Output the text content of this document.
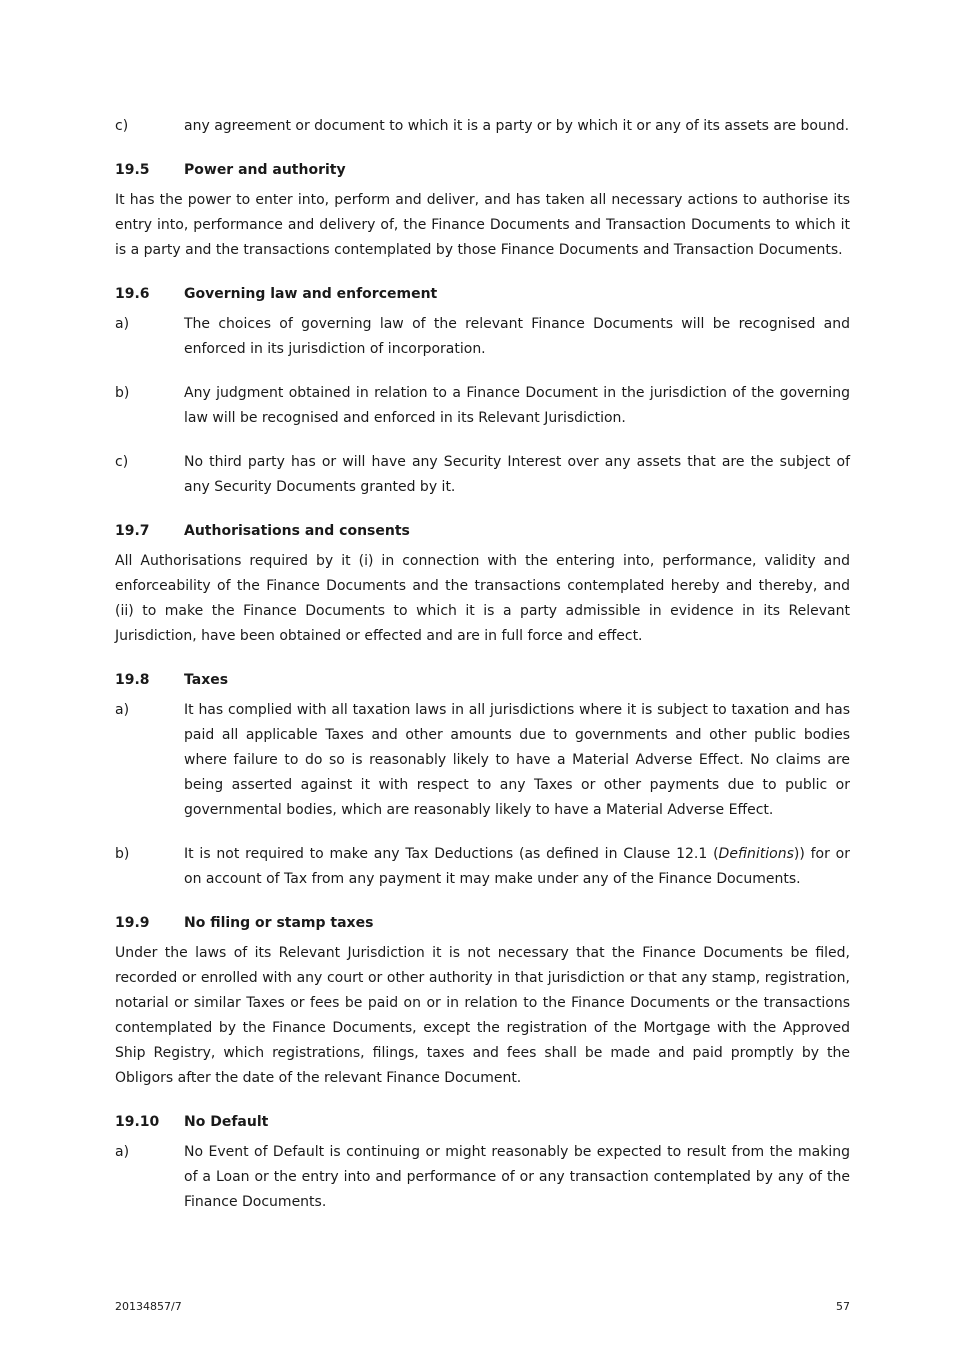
c)	any agreement or document to which it is a party or by which it or any of its assets are bound.
19.5	Power and authority

It has the power to enter into, perform and deliver, and has taken all necessary actions to authorise its entry into, performance and delivery of, the Finance Documents and Transaction Documents to which it is a party and the transactions contemplated by those Finance Documents and Transaction Documents.

19.6	Governing law and enforcement
a)	The choices of governing law of the relevant Finance Documents will be recognised and enforced in its jurisdiction of incorporation.
b)	Any judgment obtained in relation to a Finance Document in the jurisdiction of the governing law will be recognised and enforced in its Relevant Jurisdiction.
c)	No third party has or will have any Security Interest over any assets that are the subject of any Security Documents granted by it.
19.7	Authorisations and consents

All Authorisations required by it (i) in connection with the entering into, performance, validity and enforceability of the Finance Documents and the transactions contemplated hereby and thereby, and (ii) to make the Finance Documents to which it is a party admissible in evidence in its Relevant Jurisdiction, have been obtained or effected and are in full force and effect.

19.8	Taxes
a)	It has complied with all taxation laws in all jurisdictions where it is subject to taxation and has paid all applicable Taxes and other amounts due to governments and other public bodies where failure to do so is reasonably likely to have a Material Adverse Effect. No claims are being asserted against it with respect to any Taxes or other payments due to public or governmental bodies, which are reasonably likely to have a Material Adverse Effect.
b)	It is not required to make any Tax Deductions (as defined in Clause 12.1 (Definitions)) for or on account of Tax from any payment it may make under any of the Finance Documents.
19.9	No filing or stamp taxes

Under the laws of its Relevant Jurisdiction it is not necessary that the Finance Documents be filed, recorded or enrolled with any court or other authority in that jurisdiction or that any stamp, registration, notarial or similar Taxes or fees be paid on or in relation to the Finance Documents or the transactions contemplated by the Finance Documents, except the registration of the Mortgage with the Approved Ship Registry, which registrations, filings, taxes and fees shall be made and paid promptly by the Obligors after the date of the relevant Finance Document.

19.10	No Default
a)	No Event of Default is continuing or might reasonably be expected to result from the making of a Loan or the entry into and performance of or any transaction contemplated by any of the Finance Documents.
20134857/7	57
